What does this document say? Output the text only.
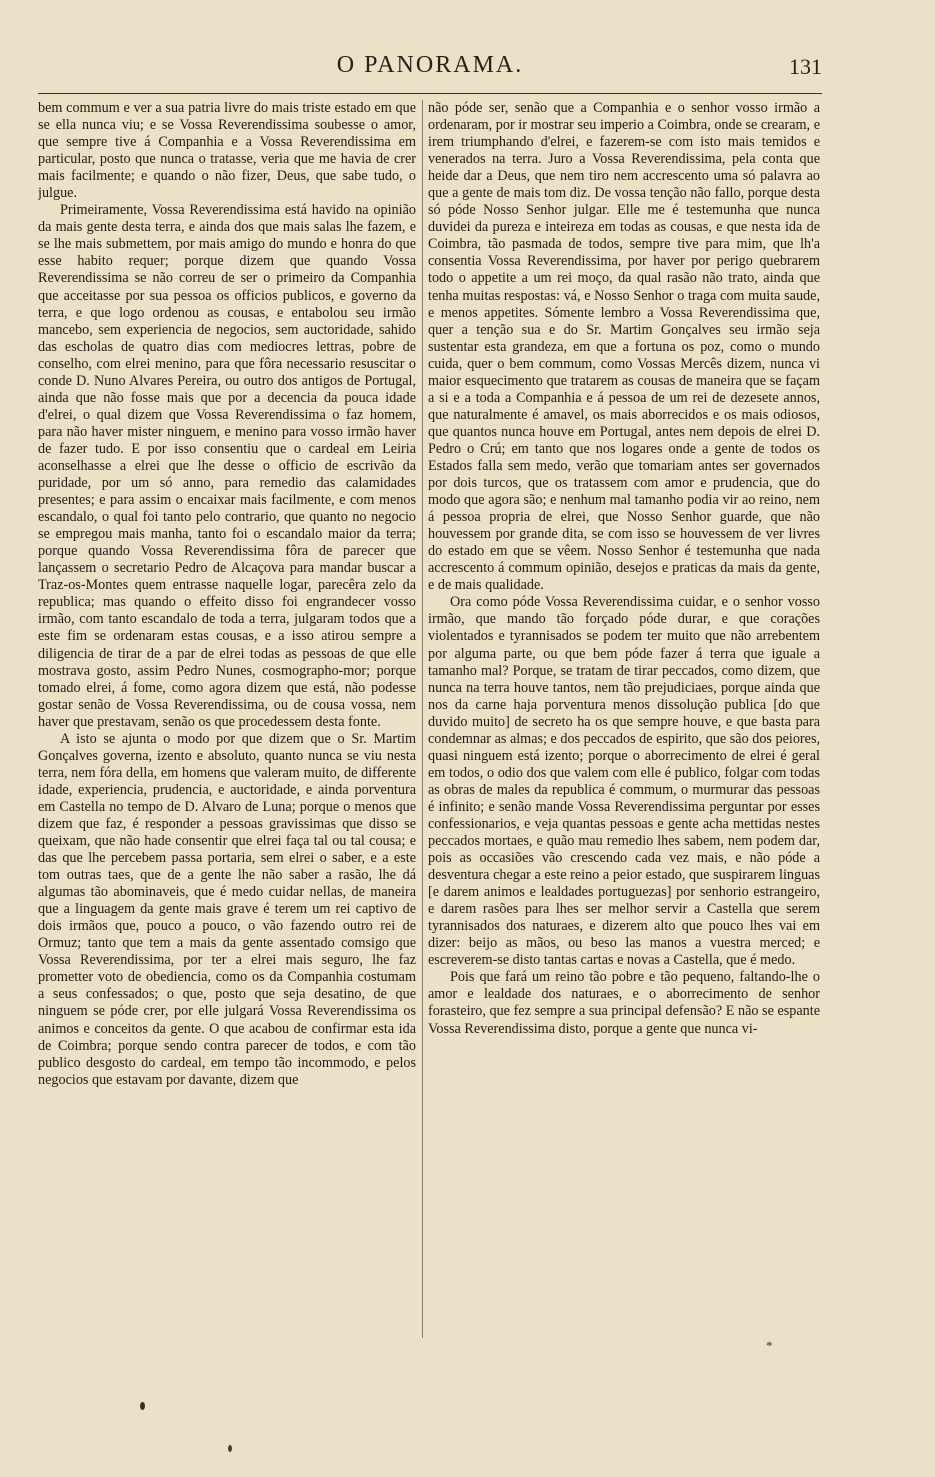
O PANORAMA.	131

bem commum e ver a sua patria livre do mais triste estado em que se ella nunca viu; e se Vossa Reverendissima soubesse o amor, que sempre tive á Companhia e a Vossa Reverendissima em particular, posto que nunca o tratasse, veria que me havia de crer mais facilmente; e quando o não fizer, Deus, que sabe tudo, o julgue.

Primeiramente, Vossa Reverendissima está havido na opinião da mais gente desta terra, e ainda dos que mais salas lhe fazem, e se lhe mais submettem, por mais amigo do mundo e honra do que esse habito requer; porque dizem que quando Vossa Reverendissima se não correu de ser o primeiro da Companhia que acceitasse por sua pessoa os officios publicos, e governo da terra, e que logo ordenou as cousas, e entabolou seu irmão mancebo, sem experiencia de negocios, sem auctoridade, sahido das escholas de quatro dias com mediocres lettras, pobre de conselho, com elrei menino, para que fôra necessario resuscitar o conde D. Nuno Alvares Pereira, ou outro dos antigos de Portugal, ainda que não fosse mais que por a decencia da pouca idade d'elrei, o qual dizem que Vossa Reverendissima o faz homem, para não haver mister ninguem, e menino para vosso irmão haver de fazer tudo. E por isso consentiu que o cardeal em Leiria aconselhasse a elrei que lhe desse o officio de escrivão da puridade, por um só anno, para remedio das calamidades presentes; e para assim o encaixar mais facilmente, e com menos escandalo, o qual foi tanto pelo contrario, que quanto no negocio se empregou mais manha, tanto foi o escandalo maior da terra; porque quando Vossa Reverendissima fôra de parecer que lançassem o secretario Pedro de Alcaçova para mandar buscar a Traz-os-Montes quem entrasse naquelle logar, parecêra zelo da republica; mas quando o effeito disso foi engrandecer vosso irmão, com tanto escandalo de toda a terra, julgaram todos que a este fim se ordenaram estas cousas, e a isso atirou sempre a diligencia de tirar de a par de elrei todas as pessoas de que elle mostrava gosto, assim Pedro Nunes, cosmographo-mor; porque tomado elrei, á fome, como agora dizem que está, não podesse gostar senão de Vossa Reverendissima, ou de cousa vossa, nem haver que prestavam, senão os que procedessem desta fonte.

A isto se ajunta o modo por que dizem que o Sr. Martim Gonçalves governa, izento e absoluto, quanto nunca se viu nesta terra, nem fóra della, em homens que valeram muito, de differente idade, experiencia, prudencia, e auctoridade, e ainda porventura em Castella no tempo de D. Alvaro de Luna; porque o menos que dizem que faz, é responder a pessoas gravissimas que disso se queixam, que não hade consentir que elrei faça tal ou tal cousa; e das que lhe percebem passa portaria, sem elrei o saber, e a este tom outras taes, que de a gente lhe não saber a rasão, lhe dá algumas tão abominaveis, que é medo cuidar nellas, de maneira que a linguagem da gente mais grave é terem um rei captivo de dois irmãos que, pouco a pouco, o vão fazendo outro rei de Ormuz; tanto que tem a mais da gente assentado comsigo que Vossa Reverendissima, por ter a elrei mais seguro, lhe faz prometter voto de obediencia, como os da Companhia costumam a seus confessados; o que, posto que seja desatino, de que ninguem se póde crer, por elle julgará Vossa Reverendissima os animos e conceitos da gente. O que acabou de confirmar esta ida de Coimbra; porque sendo contra parecer de todos, e com tão publico desgosto do cardeal, em tempo tão incommodo, e pelos negocios que estavam por davante, dizem que

não póde ser, senão que a Companhia e o senhor vosso irmão a ordenaram, por ir mostrar seu imperio a Coimbra, onde se crearam, e irem triumphando d'elrei, e fazerem-se com isto mais temidos e venerados na terra. Juro a Vossa Reverendissima, pela conta que heide dar a Deus, que nem tiro nem accrescento uma só palavra ao que a gente de mais tom diz. De vossa tenção não fallo, porque desta só póde Nosso Senhor julgar. Elle me é testemunha que nunca duvidei da pureza e inteireza em todas as cousas, e que nesta ida de Coimbra, tão pasmada de todos, sempre tive para mim, que lh'a consentia Vossa Reverendissima, por haver por perigo quebrarem todo o appetite a um rei moço, da qual rasão não trato, ainda que tenha muitas respostas: vá, e Nosso Senhor o traga com muita saude, e menos appetites. Sómente lembro a Vossa Reverendissima que, quer a tenção sua e do Sr. Martim Gonçalves seu irmão seja sustentar esta grandeza, em que a fortuna os poz, como o mundo cuida, quer o bem commum, como Vossas Mercês dizem, nunca vi maior esquecimento que tratarem as cousas de maneira que se façam a si e a toda a Companhia e á pessoa de um rei de dezesete annos, que naturalmente é amavel, os mais aborrecidos e os mais odiosos, que quantos nunca houve em Portugal, antes nem depois de elrei D. Pedro o Crú; em tanto que nos logares onde a gente de todos os Estados falla sem medo, verão que tomariam antes ser governados por dois turcos, que os tratassem com amor e prudencia, que do modo que agora são; e nenhum mal tamanho podia vir ao reino, nem á pessoa propria de elrei, que Nosso Senhor guarde, que não houvessem por grande dita, se com isso se houvessem de ver livres do estado em que se vêem. Nosso Senhor é testemunha que nada accrescento á commum opinião, desejos e praticas da mais da gente, e de mais qualidade.

Ora como póde Vossa Reverendissima cuidar, e o senhor vosso irmão, que mando tão forçado póde durar, e que corações violentados e tyrannisados se podem ter muito que não arrebentem por alguma parte, ou que bem póde fazer á terra que iguale a tamanho mal? Porque, se tratam de tirar peccados, como dizem, que nunca na terra houve tantos, nem tão prejudiciaes, porque ainda que nos da carne haja porventura menos dissolução publica [do que duvido muito] de secreto ha os que sempre houve, e que basta para condemnar as almas; e dos peccados de espirito, que são dos peiores, quasi ninguem está izento; porque o aborrecimento de elrei é geral em todos, o odio dos que valem com elle é publico, folgar com todas as obras de males da republica é commum, o murmurar das pessoas é infinito; e senão mande Vossa Reverendissima perguntar por esses confessionarios, e veja quantas pessoas e gente acha mettidas nestes peccados mortaes, e quão mau remedio lhes sabem, nem podem dar, pois as occasiões vão crescendo cada vez mais, e não póde a desventura chegar a este reino a peior estado, que suspirarem linguas [e darem animos e lealdades portuguezas] por senhorio estrangeiro, e darem rasões para lhes ser melhor servir a Castella que serem tyrannisados dos naturaes, e dizerem alto que pouco lhes vai em dizer: beijo as mãos, ou beso las manos a vuestra merced; e escreverem-se disto tantas cartas e novas a Castella, que é medo.

Pois que fará um reino tão pobre e tão pequeno, faltando-lhe o amor e lealdade dos naturaes, e o aborrecimento de senhor forasteiro, que fez sempre a sua principal defensão? E não se espante Vossa Reverendissima disto, porque a gente que nunca vi-

*
